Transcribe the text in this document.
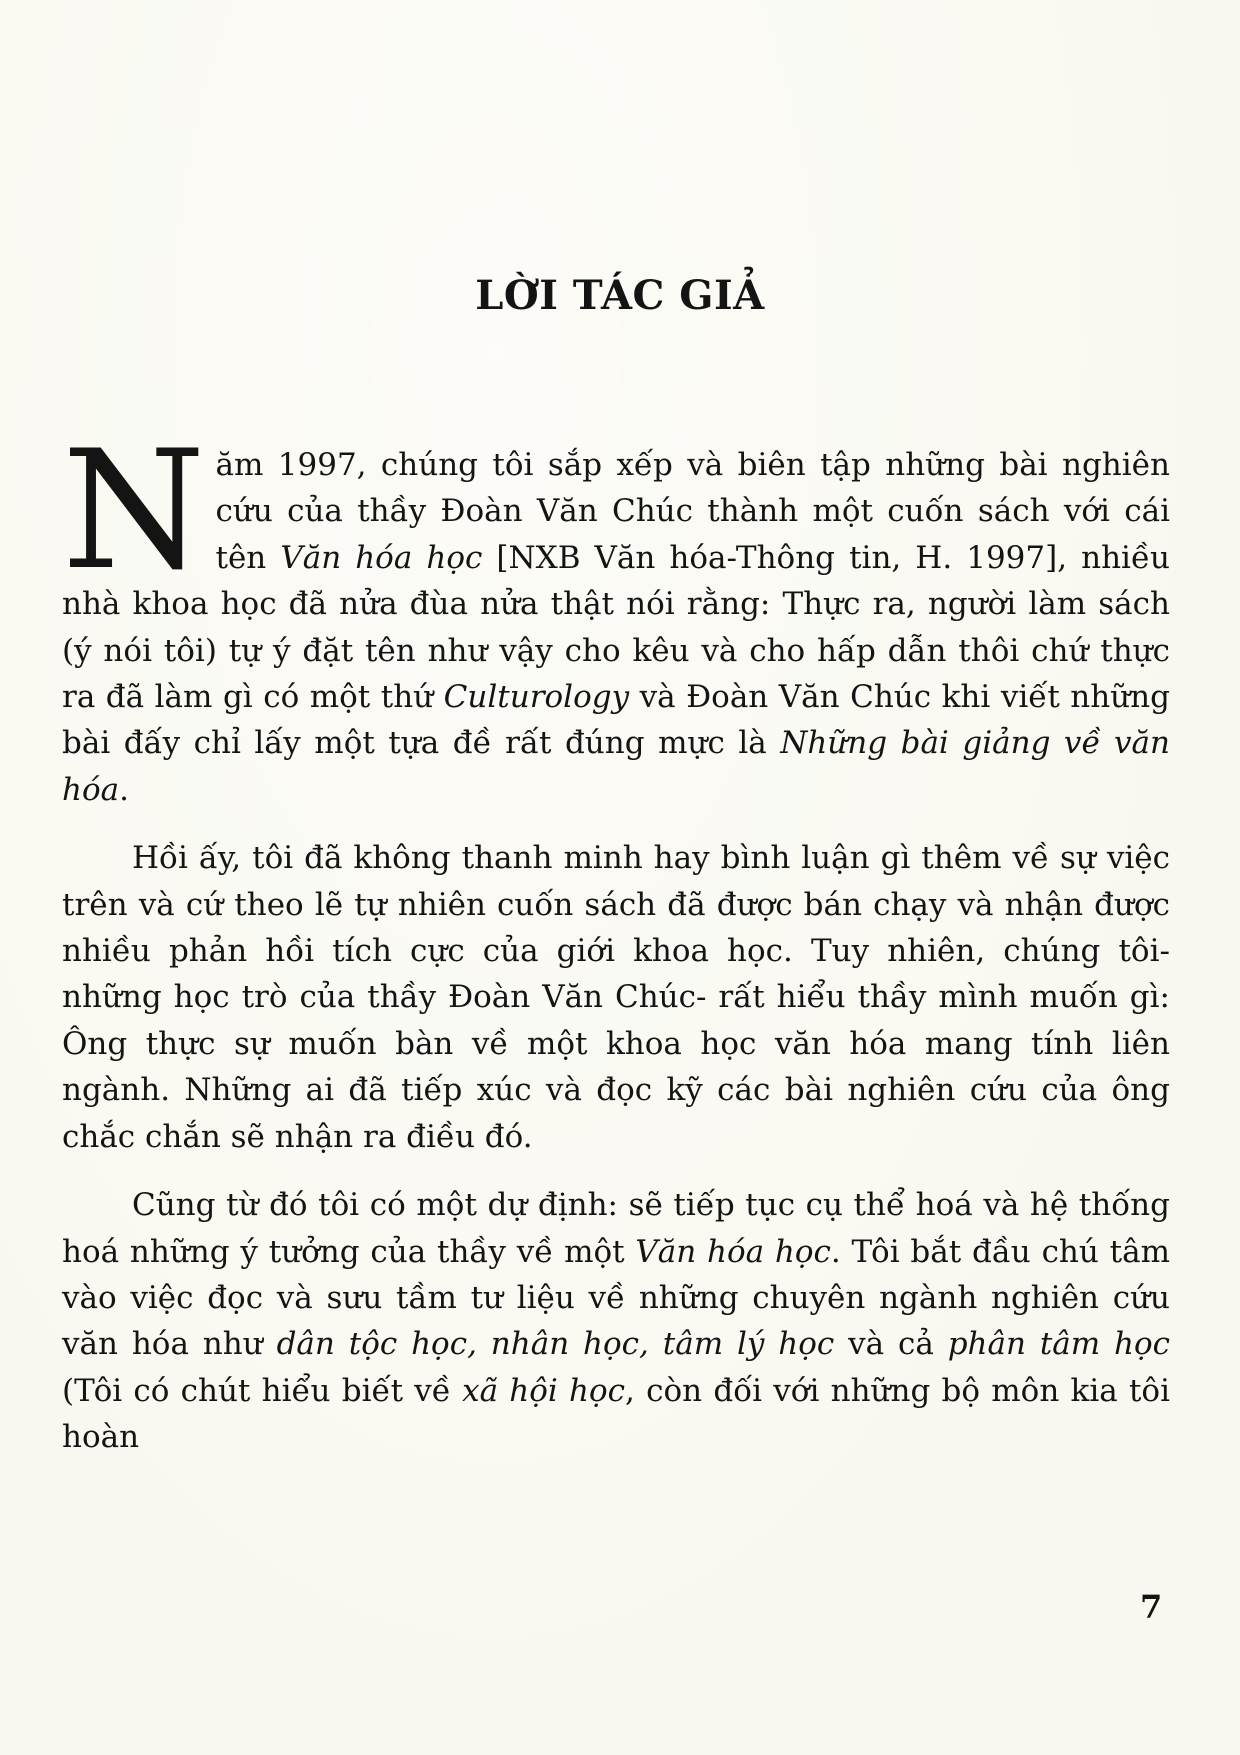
LỜI TÁC GIẢ

Năm 1997, chúng tôi sắp xếp và biên tập những bài nghiên cứu của thầy Đoàn Văn Chúc thành một cuốn sách với cái tên Văn hóa học [NXB Văn hóa-Thông tin, H. 1997], nhiều nhà khoa học đã nửa đùa nửa thật nói rằng: Thực ra, người làm sách (ý nói tôi) tự ý đặt tên như vậy cho kêu và cho hấp dẫn thôi chứ thực ra đã làm gì có một thứ Culturology và Đoàn Văn Chúc khi viết những bài đấy chỉ lấy một tựa đề rất đúng mực là Những bài giảng về văn hóa.

Hồi ấy, tôi đã không thanh minh hay bình luận gì thêm về sự việc trên và cứ theo lẽ tự nhiên cuốn sách đã được bán chạy và nhận được nhiều phản hồi tích cực của giới khoa học. Tuy nhiên, chúng tôi- những học trò của thầy Đoàn Văn Chúc- rất hiểu thầy mình muốn gì: Ông thực sự muốn bàn về một khoa học văn hóa mang tính liên ngành. Những ai đã tiếp xúc và đọc kỹ các bài nghiên cứu của ông chắc chắn sẽ nhận ra điều đó.

Cũng từ đó tôi có một dự định: sẽ tiếp tục cụ thể hoá và hệ thống hoá những ý tưởng của thầy về một Văn hóa học. Tôi bắt đầu chú tâm vào việc đọc và sưu tầm tư liệu về những chuyên ngành nghiên cứu văn hóa như dân tộc học, nhân học, tâm lý học và cả phân tâm học (Tôi có chút hiểu biết về xã hội học, còn đối với những bộ môn kia tôi hoàn

7
